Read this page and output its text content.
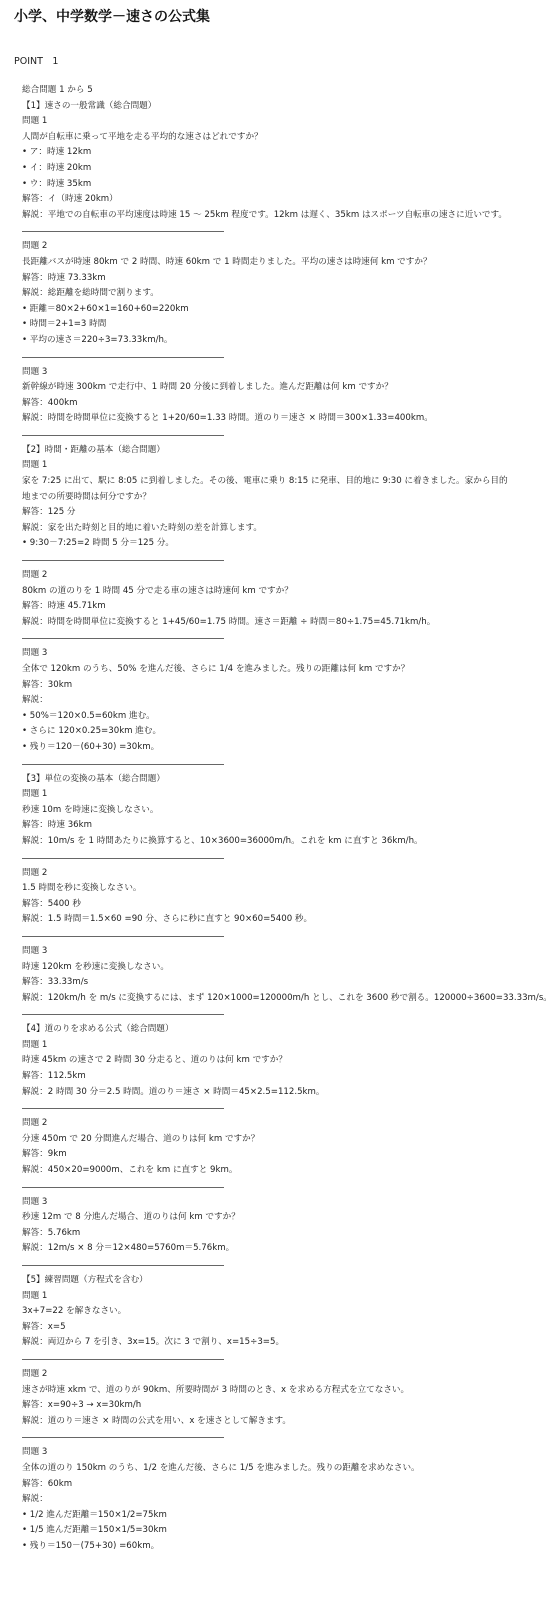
小学、中学数学－速さの公式集
POINT　1
総合問題 1 から 5
【1】速さの一般常識（総合問題）
問題 1
人間が自転車に乗って平地を走る平均的な速さはどれですか？
• ア：時速 12km
• イ：時速 20km
• ウ：時速 35km
解答：イ（時速 20km）
解説：平地での自転車の平均速度は時速 15 ～ 25km 程度です。12km は遅く、35km はスポーツ自転車の速さに近いです。
問題 2
長距離バスが時速 80km で 2 時間、時速 60km で 1 時間走りました。平均の速さは時速何 km ですか？
解答：時速 73.33km
解説：総距離を総時間で割ります。
• 距離＝80×2+60×1=160+60=220km
• 時間＝2+1=3 時間
• 平均の速さ＝220÷3=73.33km/h。
問題 3
新幹線が時速 300km で走行中、1 時間 20 分後に到着しました。進んだ距離は何 km ですか？
解答：400km
解説：時間を時間単位に変換すると 1+20/60=1.33 時間。道のり＝速さ × 時間＝300×1.33=400km。
【2】時間・距離の基本（総合問題）
問題 1
家を 7:25 に出て、駅に 8:05 に到着しました。その後、電車に乗り 8:15 に発車、目的地に 9:30 に着きました。家から目的
地までの所要時間は何分ですか？
解答：125 分
解説：家を出た時刻と目的地に着いた時刻の差を計算します。
• 9:30－7:25=2 時間 5 分＝125 分。
問題 2
80km の道のりを 1 時間 45 分で走る車の速さは時速何 km ですか？
解答：時速 45.71km
解説：時間を時間単位に変換すると 1+45/60=1.75 時間。速さ＝距離 ÷ 時間＝80÷1.75=45.71km/h。
問題 3
全体で 120km のうち、50% を進んだ後、さらに 1/4 を進みました。残りの距離は何 km ですか？
解答：30km
解説：
• 50%＝120×0.5=60km 進む。
• さらに 120×0.25=30km 進む。
• 残り＝120－(60+30) =30km。
【3】単位の変換の基本（総合問題）
問題 1
秒速 10m を時速に変換しなさい。
解答：時速 36km
解説：10m/s を 1 時間あたりに換算すると、10×3600=36000m/h。これを km に直すと 36km/h。
問題 2
1.5 時間を秒に変換しなさい。
解答：5400 秒
解説：1.5 時間＝1.5×60 =90 分、さらに秒に直すと 90×60=5400 秒。
問題 3
時速 120km を秒速に変換しなさい。
解答：33.33m/s
解説：120km/h を m/s に変換するには、まず 120×1000=120000m/h とし、これを 3600 秒で割る。120000÷3600=33.33m/s。
【4】道のりを求める公式（総合問題）
問題 1
時速 45km の速さで 2 時間 30 分走ると、道のりは何 km ですか？
解答：112.5km
解説：2 時間 30 分＝2.5 時間。道のり＝速さ × 時間＝45×2.5=112.5km。
問題 2
分速 450m で 20 分間進んだ場合、道のりは何 km ですか？
解答：9km
解説：450×20=9000m、これを km に直すと 9km。
問題 3
秒速 12m で 8 分進んだ場合、道のりは何 km ですか？
解答：5.76km
解説：12m/s × 8 分＝12×480=5760m＝5.76km。
【5】練習問題（方程式を含む）
問題 1
3x+7=22 を解きなさい。
解答：x=5
解説：両辺から 7 を引き、3x=15。次に 3 で割り、x=15÷3=5。
問題 2
速さが時速 xkm で、道のりが 90km、所要時間が 3 時間のとき、x を求める方程式を立てなさい。
解答：x=90÷3 → x=30km/h
解説：道のり＝速さ × 時間の公式を用い、x を速さとして解きます。
問題 3
全体の道のり 150km のうち、1/2 を進んだ後、さらに 1/5 を進みました。残りの距離を求めなさい。
解答：60km
解説：
• 1/2 進んだ距離＝150×1/2=75km
• 1/5 進んだ距離＝150×1/5=30km
• 残り＝150－(75+30) =60km。
